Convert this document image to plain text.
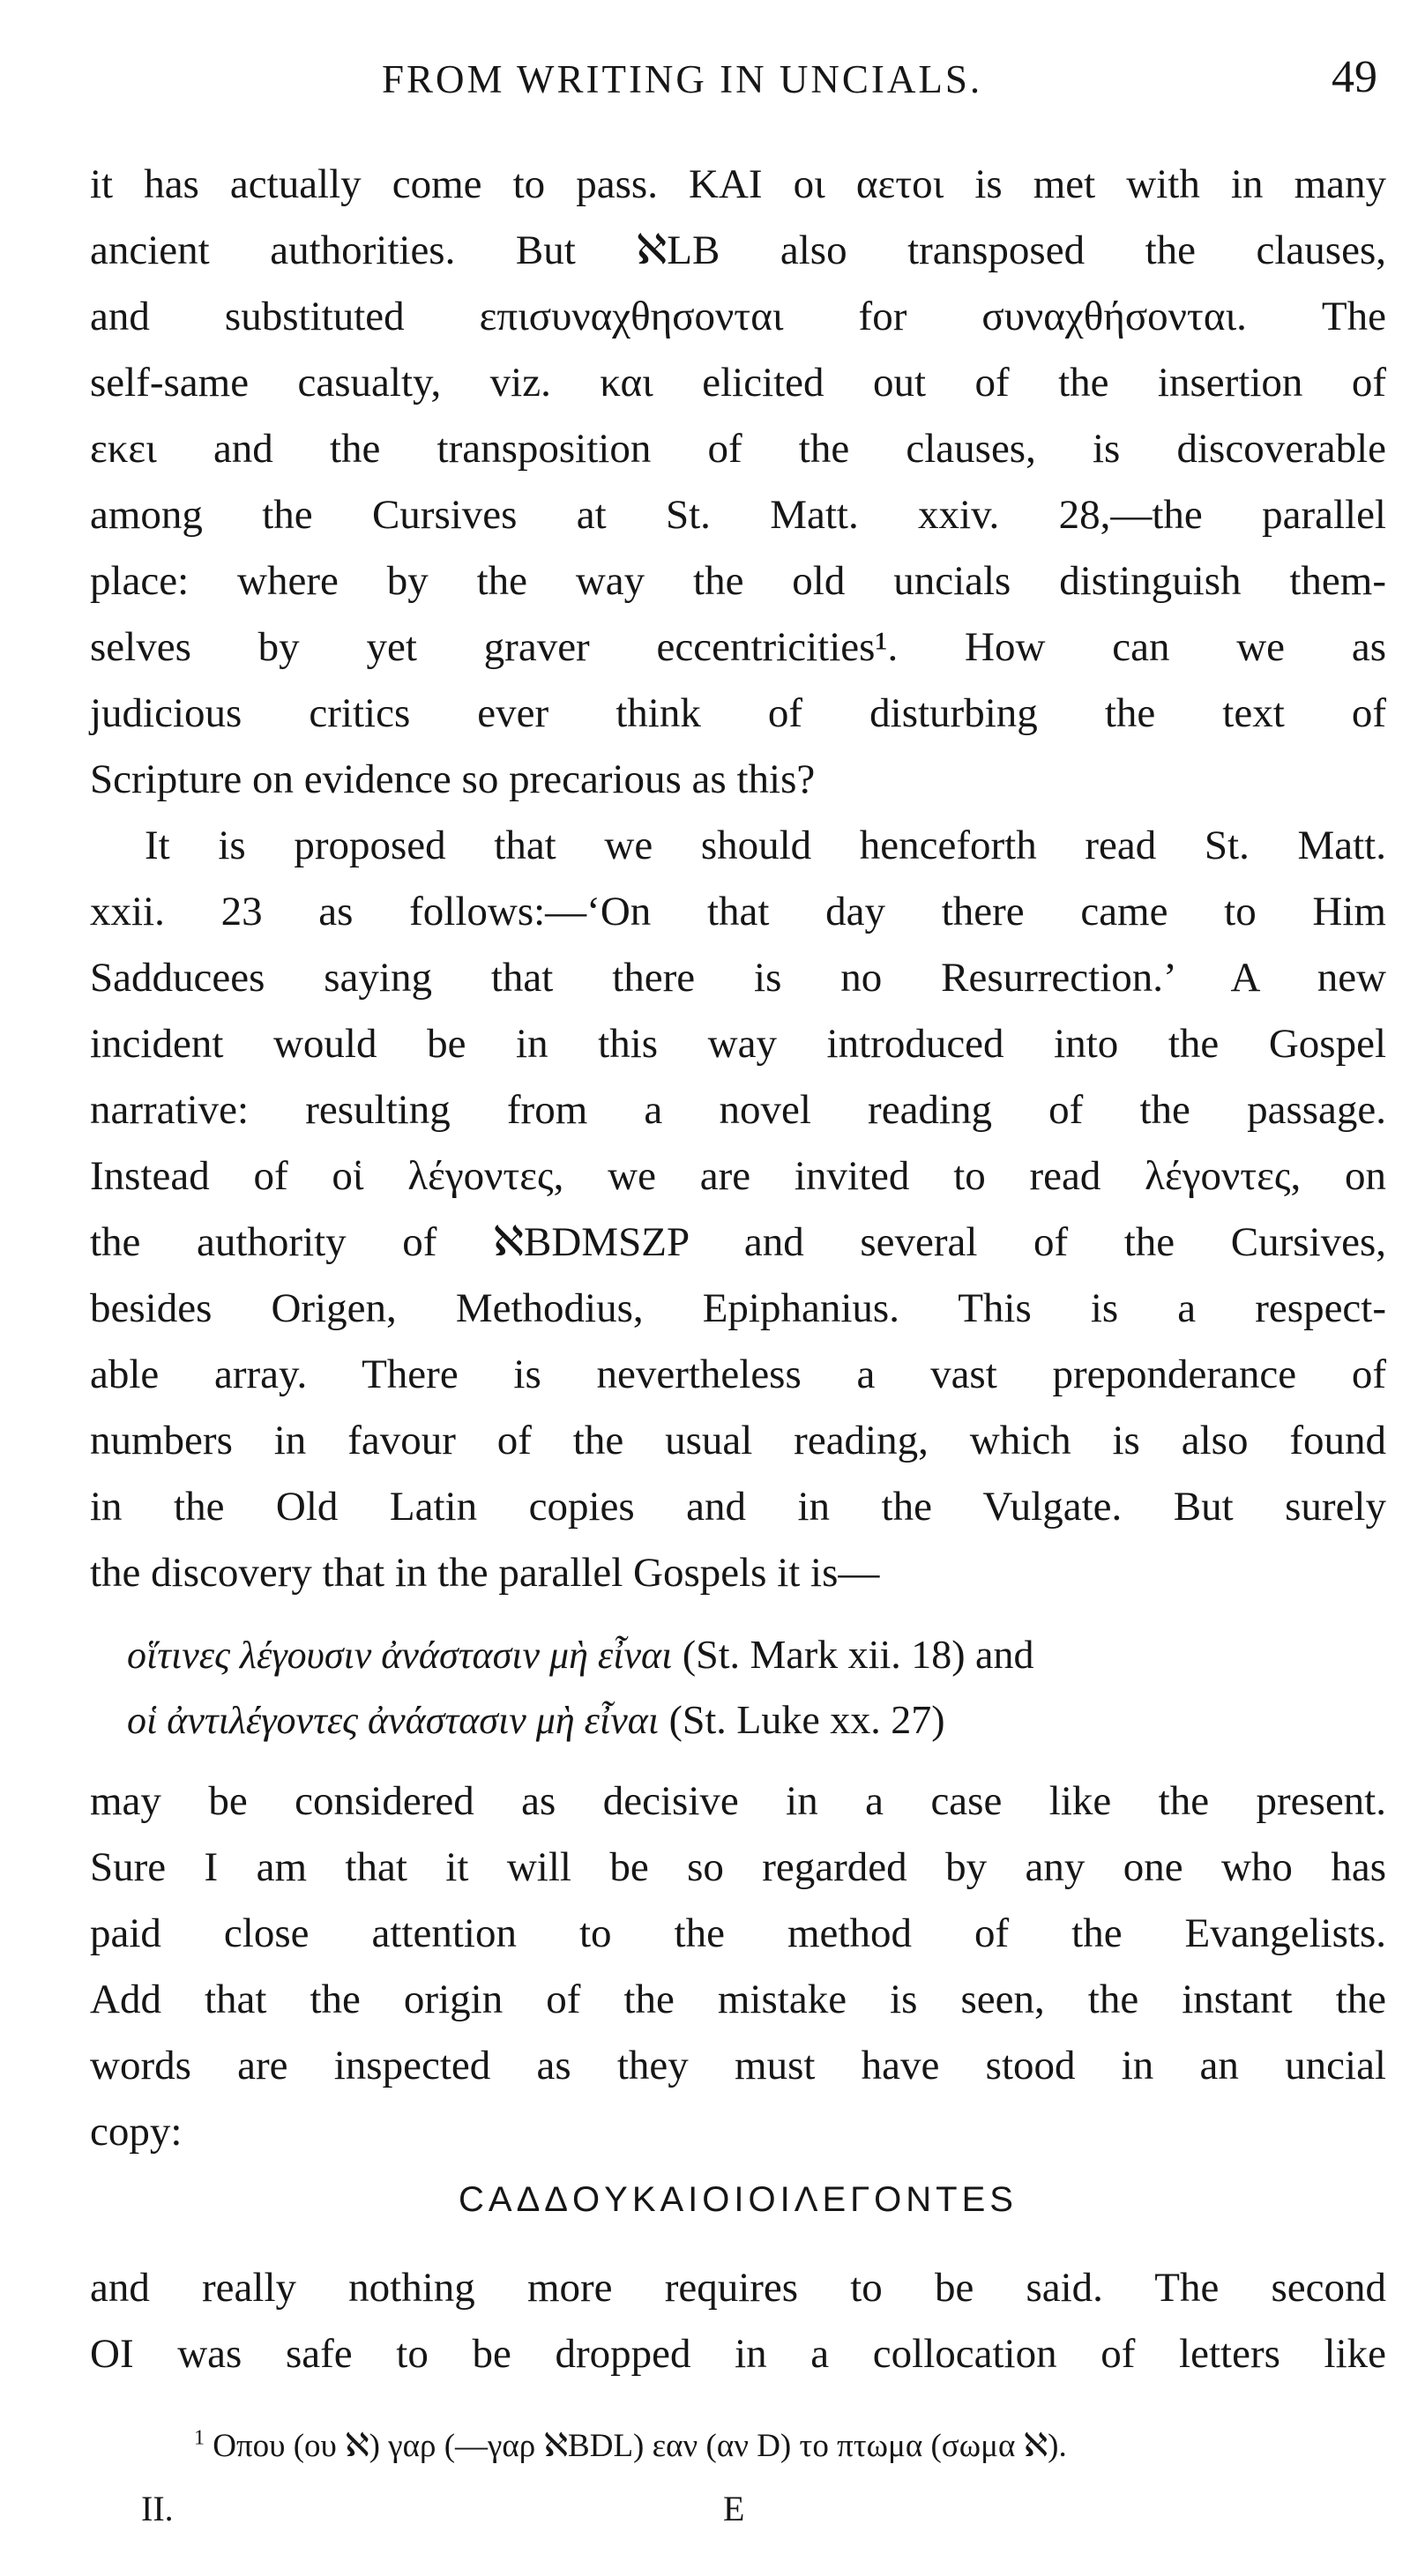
FROM WRITING IN UNCIALS.	49
it has actually come to pass. KAI οι αετοι is met with in many
ancient authorities. But ℵLB also transposed the clauses,
and substituted επισυναχθησονται for συναχθήσονται. The
self-same casualty, viz. και elicited out of the insertion of
εκει and the transposition of the clauses, is discoverable
among the Cursives at St. Matt. xxiv. 28,—the parallel
place: where by the way the old uncials distinguish them-
selves by yet graver eccentricities¹. How can we as
judicious critics ever think of disturbing the text of
Scripture on evidence so precarious as this?
It is proposed that we should henceforth read St. Matt.
xxii. 23 as follows:—‘On that day there came to Him
Sadducees saying that there is no Resurrection.’ A new
incident would be in this way introduced into the Gospel
narrative: resulting from a novel reading of the passage.
Instead of οἱ λέγοντες, we are invited to read λέγοντες, on
the authority of ℵBDMSZP and several of the Cursives,
besides Origen, Methodius, Epiphanius. This is a respect-
able array. There is nevertheless a vast preponderance of
numbers in favour of the usual reading, which is also found
in the Old Latin copies and in the Vulgate. But surely
the discovery that in the parallel Gospels it is—
οἵτινες λέγουσιν ἀνάστασιν μὴ εἶναι (St. Mark xii. 18) and
οἱ ἀντιλέγοντες ἀνάστασιν μὴ εἶναι (St. Luke xx. 27)
may be considered as decisive in a case like the present.
Sure I am that it will be so regarded by any one who has
paid close attention to the method of the Evangelists.
Add that the origin of the mistake is seen, the instant the
words are inspected as they must have stood in an uncial
copy:
CAΔΔOYKAIOIOIΛEΓONTES
and really nothing more requires to be said. The second
OI was safe to be dropped in a collocation of letters like
$^1$ Οπου (ου ℵ) γαρ (—γαρ ℵBDL) εαν (αν D) το πτωμα (σωμα ℵ).
II.	E
